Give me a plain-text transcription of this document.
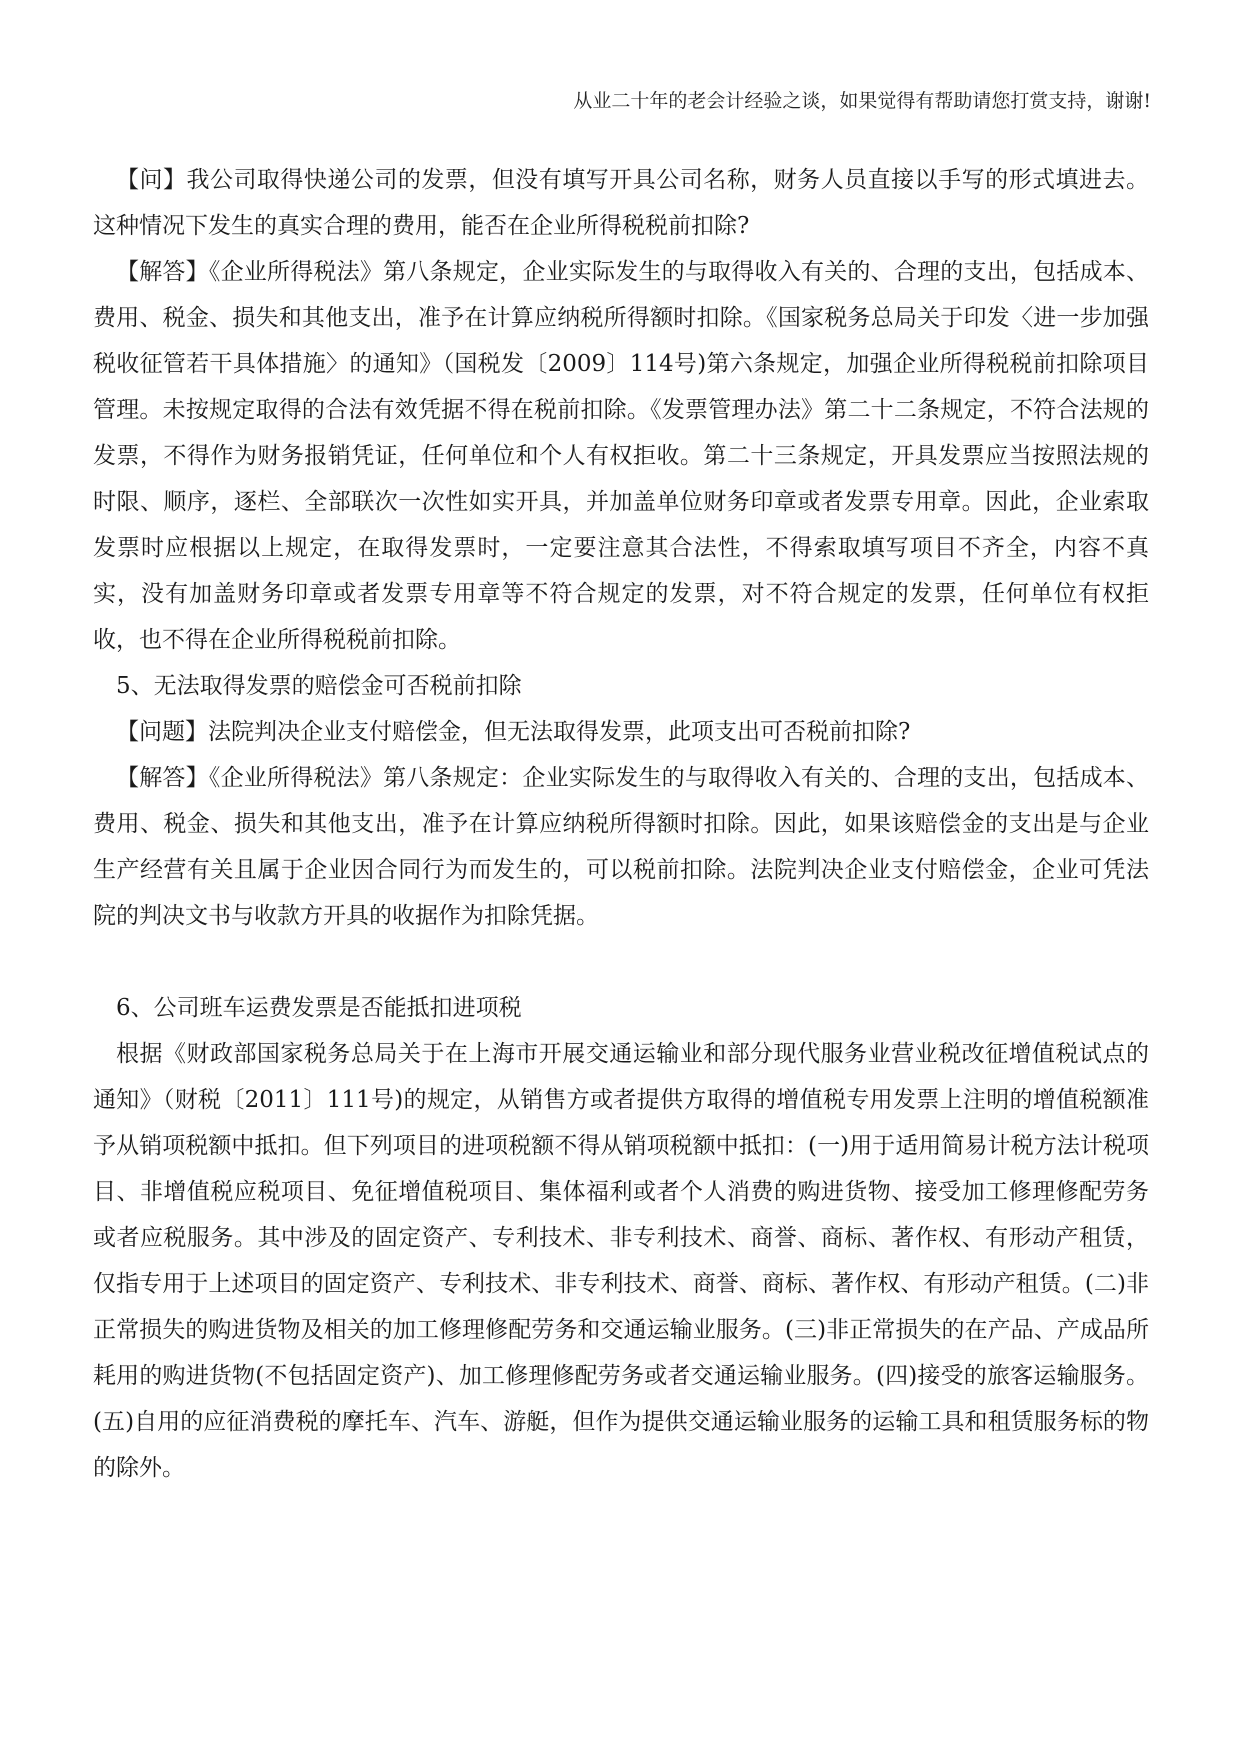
从业二十年的老会计经验之谈，如果觉得有帮助请您打赏支持，谢谢!

【问】我公司取得快递公司的发票，但没有填写开具公司名称，财务人员直接以手写的形式填进去。这种情况下发生的真实合理的费用，能否在企业所得税税前扣除?

【解答】《企业所得税法》第八条规定，企业实际发生的与取得收入有关的、合理的支出，包括成本、费用、税金、损失和其他支出，准予在计算应纳税所得额时扣除。《国家税务总局关于印发〈进一步加强税收征管若干具体措施〉的通知》（国税发〔2009〕114号)第六条规定，加强企业所得税税前扣除项目管理。未按规定取得的合法有效凭据不得在税前扣除。《发票管理办法》第二十二条规定，不符合法规的发票，不得作为财务报销凭证，任何单位和个人有权拒收。第二十三条规定，开具发票应当按照法规的时限、顺序，逐栏、全部联次一次性如实开具，并加盖单位财务印章或者发票专用章。因此，企业索取发票时应根据以上规定，在取得发票时，一定要注意其合法性，不得索取填写项目不齐全，内容不真实，没有加盖财务印章或者发票专用章等不符合规定的发票，对不符合规定的发票，任何单位有权拒收，也不得在企业所得税税前扣除。

5、无法取得发票的赔偿金可否税前扣除

【问题】法院判决企业支付赔偿金，但无法取得发票，此项支出可否税前扣除?

【解答】《企业所得税法》第八条规定：企业实际发生的与取得收入有关的、合理的支出，包括成本、费用、税金、损失和其他支出，准予在计算应纳税所得额时扣除。因此，如果该赔偿金的支出是与企业生产经营有关且属于企业因合同行为而发生的，可以税前扣除。法院判决企业支付赔偿金，企业可凭法院的判决文书与收款方开具的收据作为扣除凭据。

6、公司班车运费发票是否能抵扣进项税

根据《财政部国家税务总局关于在上海市开展交通运输业和部分现代服务业营业税改征增值税试点的通知》（财税〔2011〕111号)的规定，从销售方或者提供方取得的增值税专用发票上注明的增值税额准予从销项税额中抵扣。但下列项目的进项税额不得从销项税额中抵扣：(一)用于适用简易计税方法计税项目、非增值税应税项目、免征增值税项目、集体福利或者个人消费的购进货物、接受加工修理修配劳务或者应税服务。其中涉及的固定资产、专利技术、非专利技术、商誉、商标、著作权、有形动产租赁，仅指专用于上述项目的固定资产、专利技术、非专利技术、商誉、商标、著作权、有形动产租赁。(二)非正常损失的购进货物及相关的加工修理修配劳务和交通运输业服务。(三)非正常损失的在产品、产成品所耗用的购进货物(不包括固定资产)、加工修理修配劳务或者交通运输业服务。(四)接受的旅客运输服务。(五)自用的应征消费税的摩托车、汽车、游艇，但作为提供交通运输业服务的运输工具和租赁服务标的物的除外。
